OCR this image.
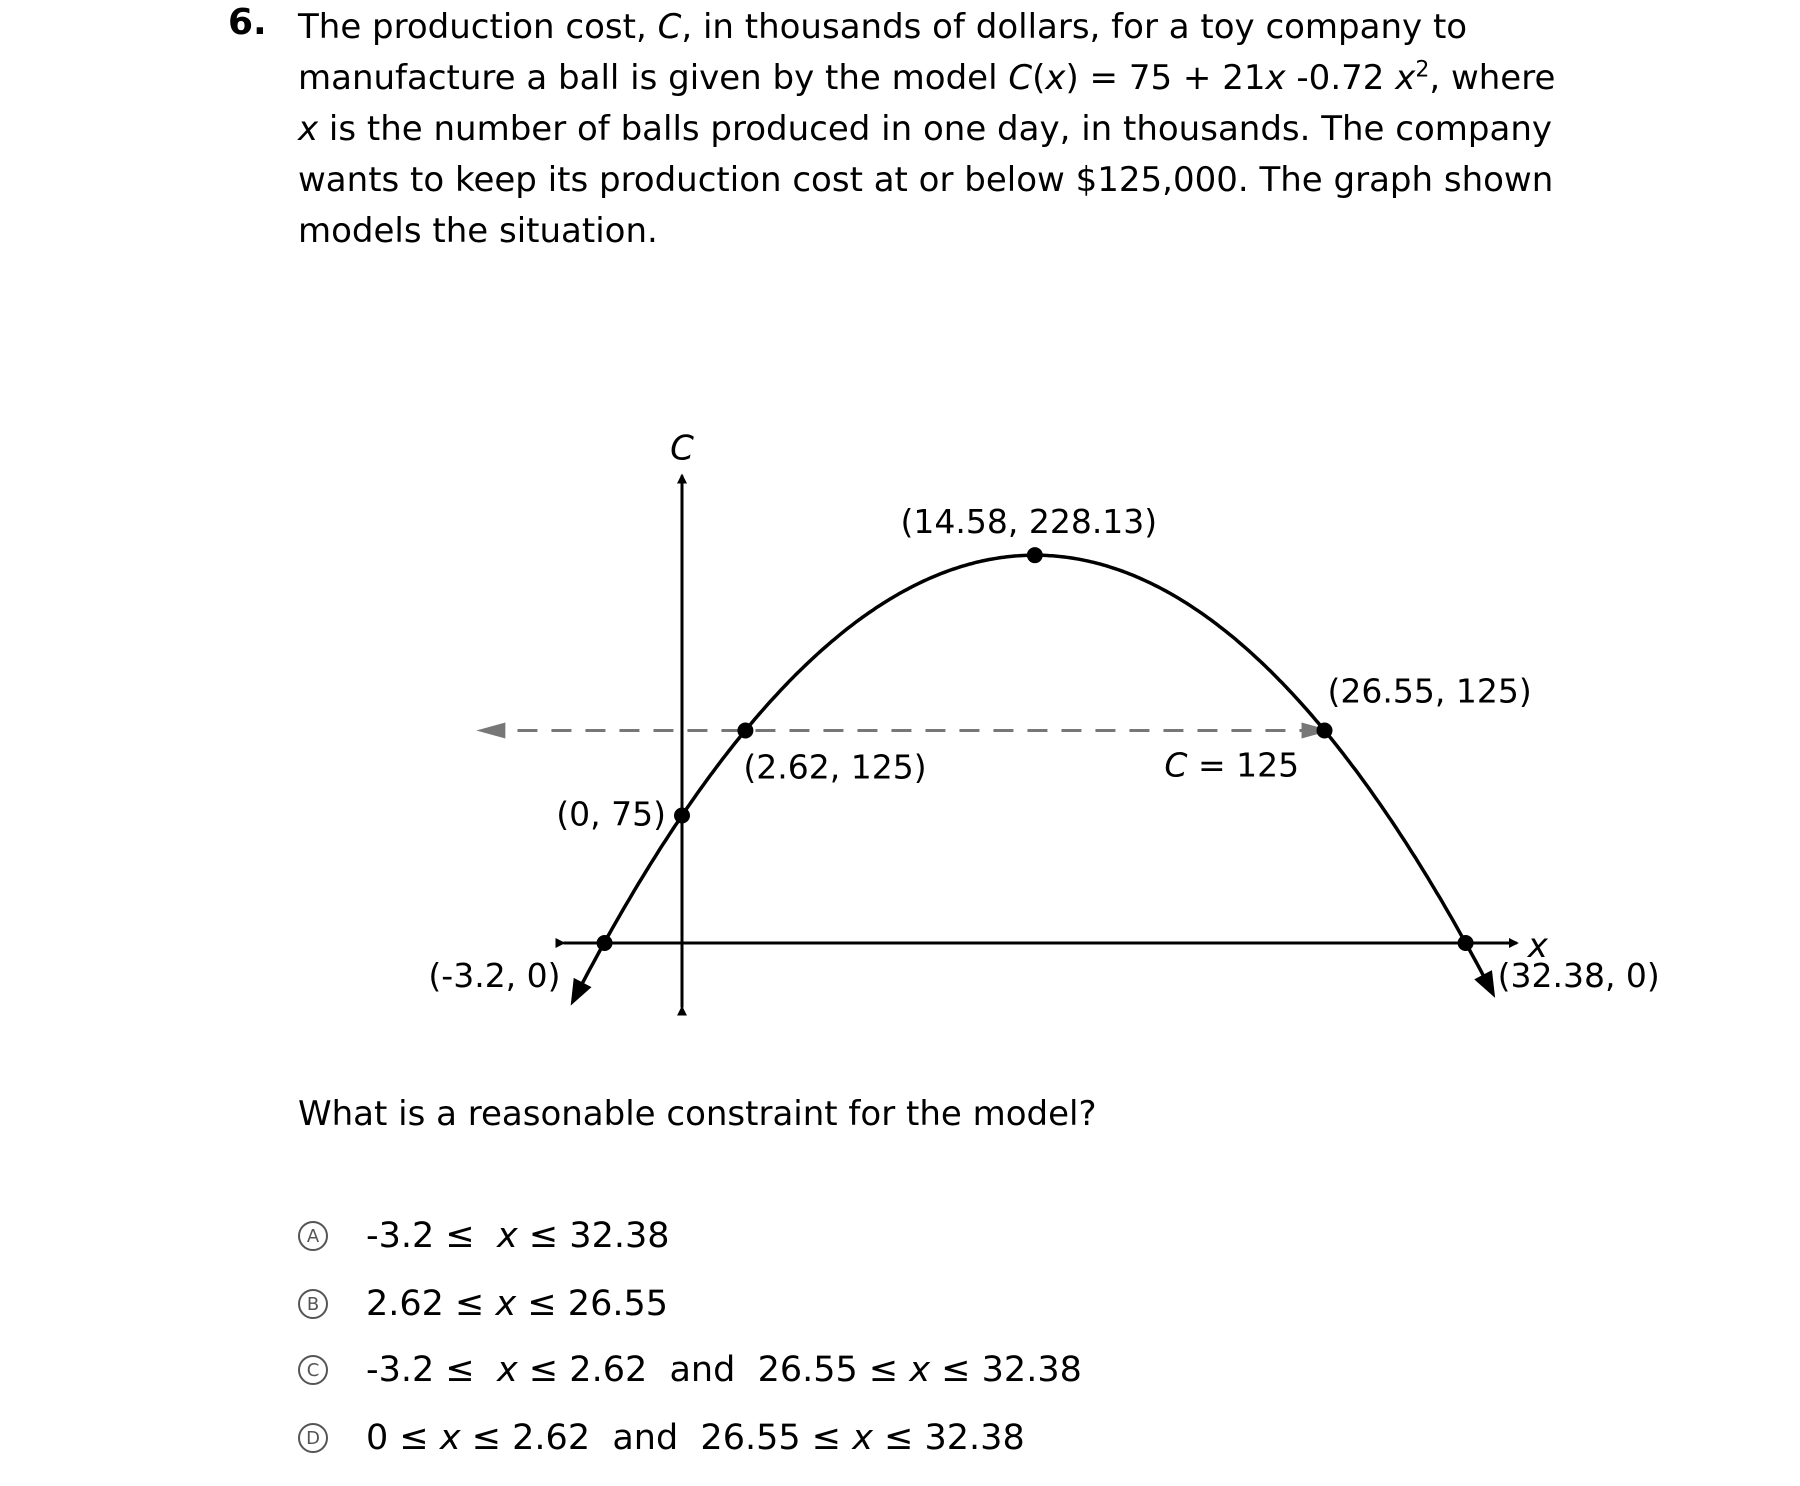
6. The production cost, C, in thousands of dollars, for a toy company to
manufacture a ball is given by the model C(x) = 75 + 21x -0.72 $x^2$, where
x is the number of balls produced in one day, in thousands. The company
wants to keep its production cost at or below $125,000. The graph shown
models the situation.
x
C
C = 125
(-3.2, 0)
(0, 75)
(2.62, 125)
(14.58, 228.13)
(26.55, 125)
(32.38, 0)
What is a reasonable constraint for the model?
A -3.2 ≤  x ≤ 32.38
B 2.62 ≤ x ≤ 26.55
C -3.2 ≤  x ≤ 2.62  and  26.55 ≤ x ≤ 32.38
D 0 ≤ x ≤ 2.62  and  26.55 ≤ x ≤ 32.38
